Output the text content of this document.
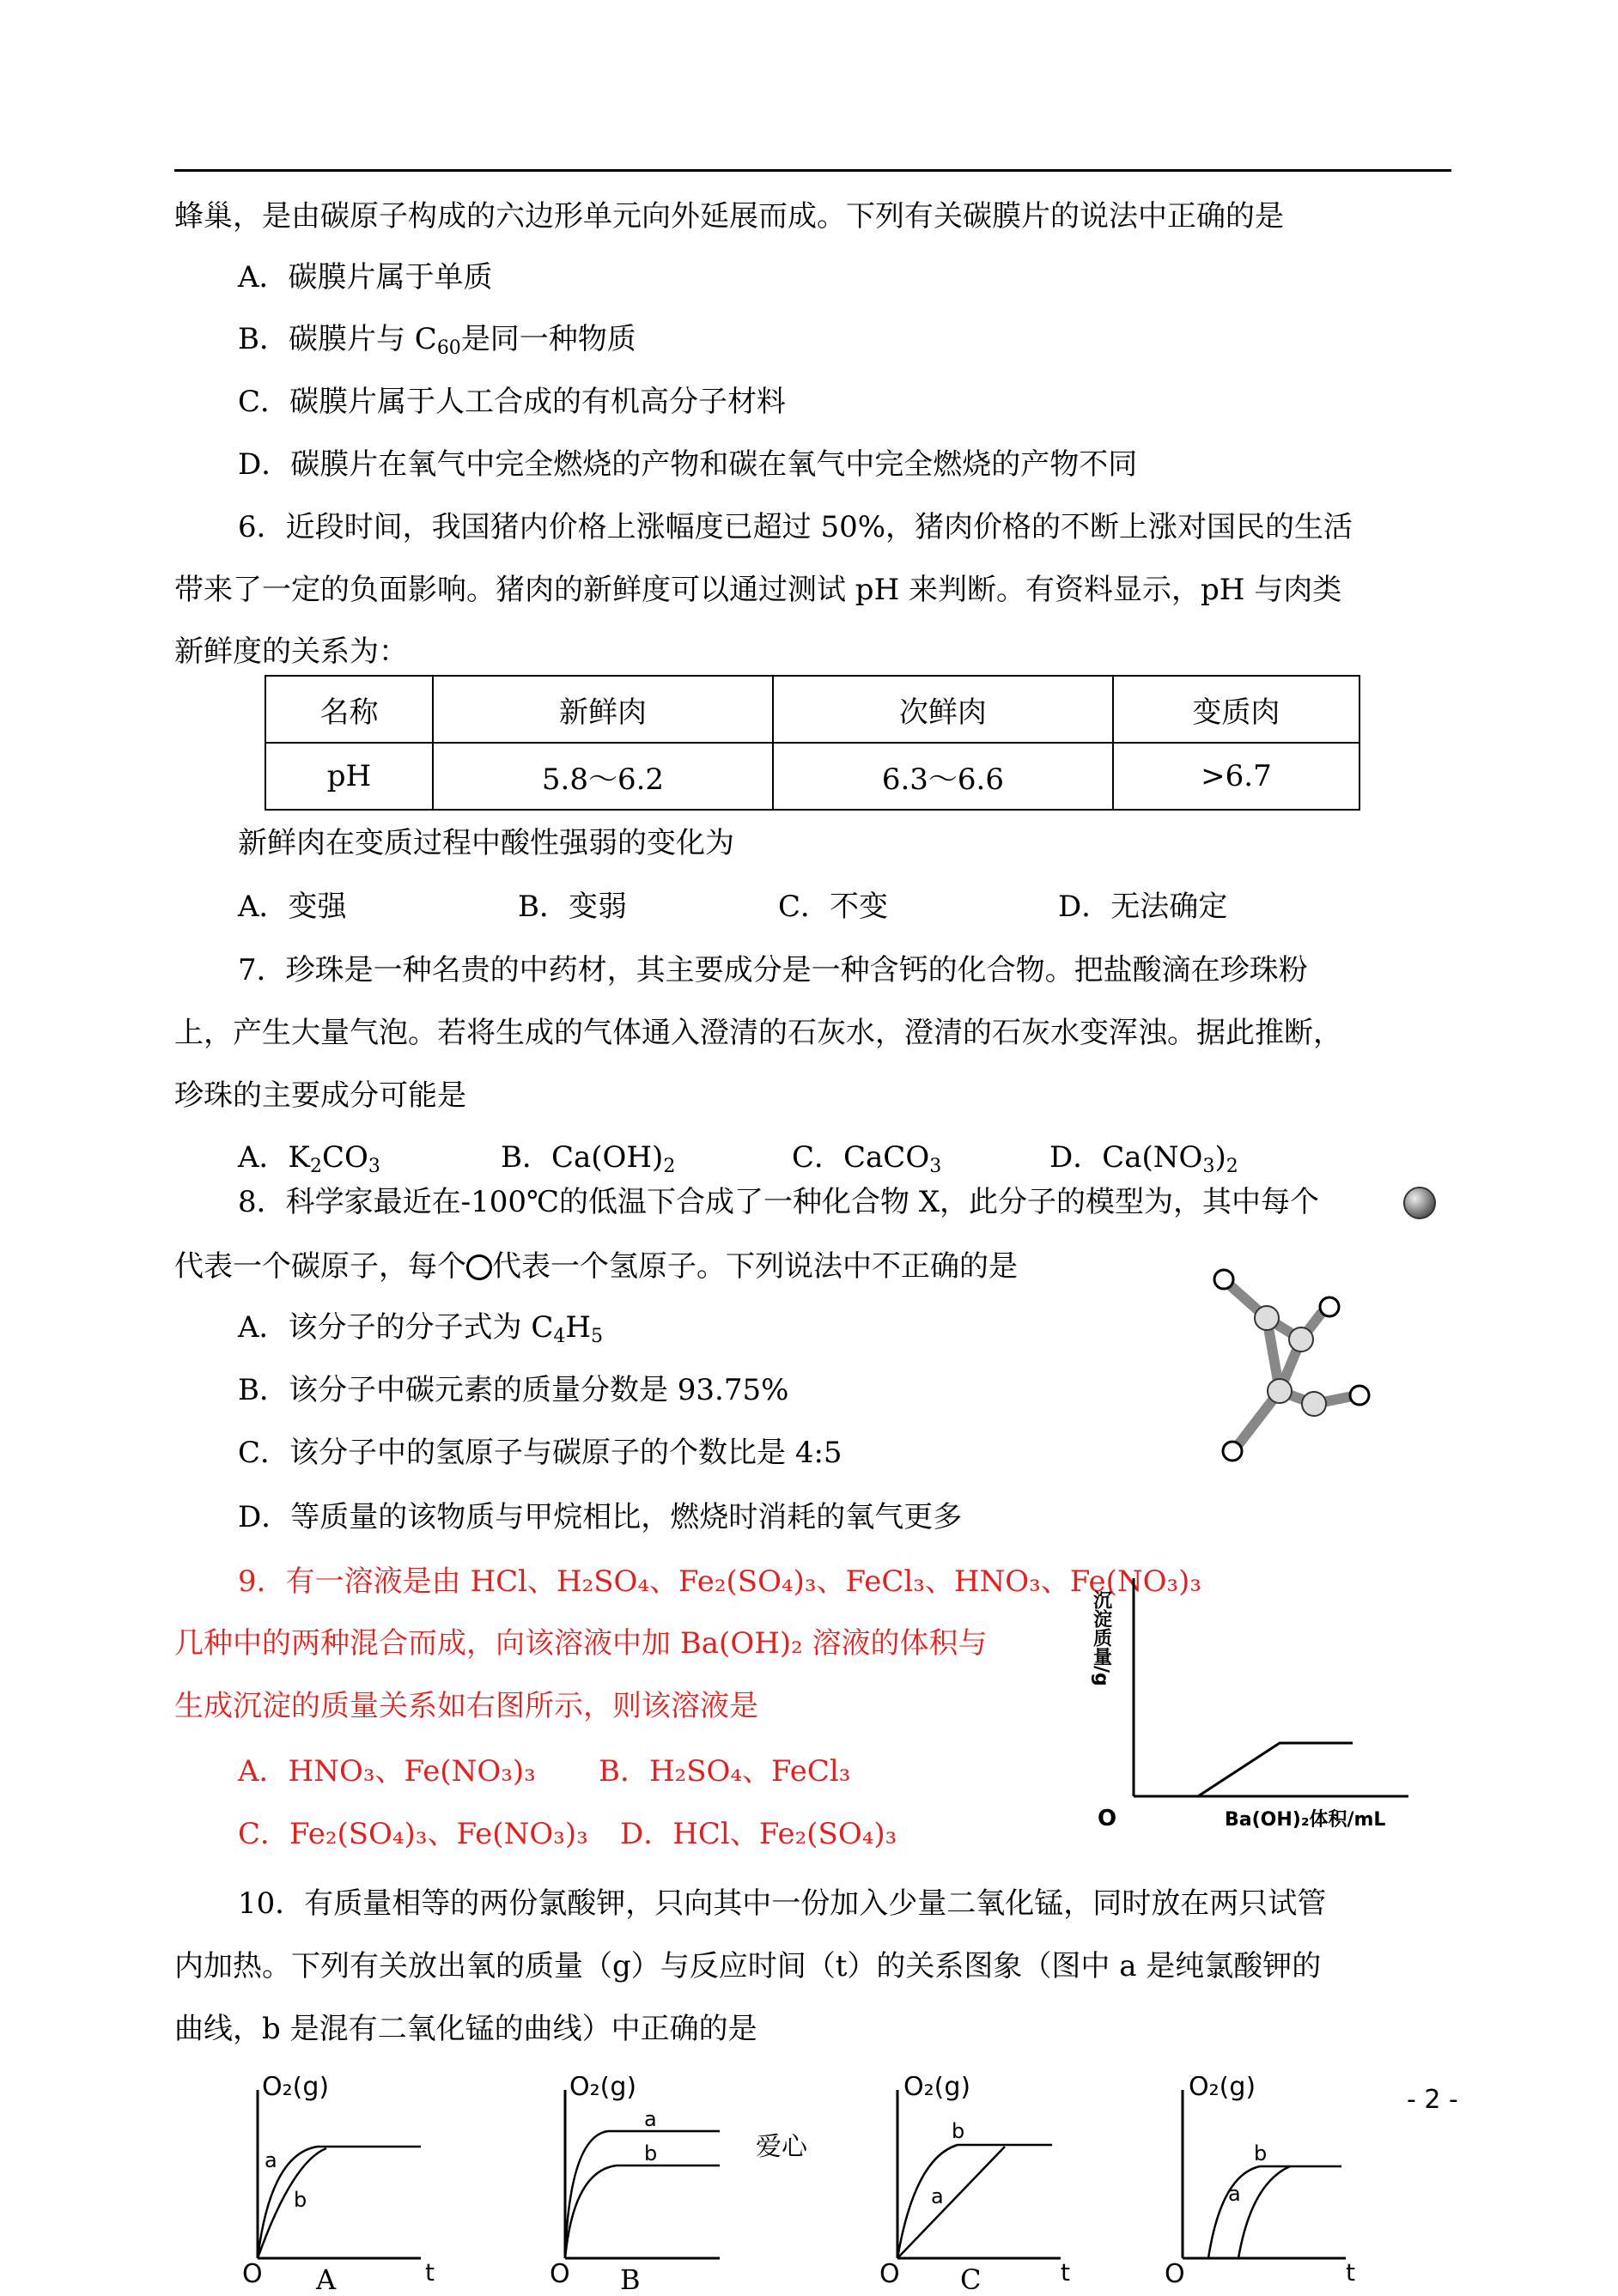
蜂巢，是由碳原子构成的六边形单元向外延展而成。下列有关碳膜片的说法中正确的是
A．碳膜片属于单质
B．碳膜片与 $C_{60}$是同一种物质
C．碳膜片属于人工合成的有机高分子材料
D．碳膜片在氧气中完全燃烧的产物和碳在氧气中完全燃烧的产物不同
6．近段时间，我国猪内价格上涨幅度已超过 50%，猪肉价格的不断上涨对国民的生活
带来了一定的负面影响。猪肉的新鲜度可以通过测试 pH 来判断。有资料显示，pH 与肉类
新鲜度的关系为：
名称	新鲜肉	次鲜肉	变质肉
pH	5.8～6.2	6.3～6.6	>6.7
新鲜肉在变质过程中酸性强弱的变化为
A．变强	B．变弱	C．不变	D．无法确定
7．珍珠是一种名贵的中药材，其主要成分是一种含钙的化合物。把盐酸滴在珍珠粉
上，产生大量气泡。若将生成的气体通入澄清的石灰水，澄清的石灰水变浑浊。据此推断，
珍珠的主要成分可能是
A．$K_2CO_3$	B．$Ca(OH)_2$	C．CaCO$_3$	D．$Ca(NO_3)_2$
8．科学家最近在-100℃的低温下合成了一种化合物 X，此分子的模型为，其中每个
代表一个碳原子，每个 代表一个氢原子。下列说法中不正确的是
A．该分子的分子式为 $C_4H_5$
B．该分子中碳元素的质量分数是 93.75%
C．该分子中的氢原子与碳原子的个数比是 4:5
D．等质量的该物质与甲烷相比，燃烧时消耗的氧气更多
9．有一溶液是由 HCl、H₂SO₄、Fe₂(SO₄)₃、FeCl₃、HNO₃、Fe(NO₃)₃
几种中的两种混合而成，向该溶液中加 Ba(OH)₂ 溶液的体积与
生成沉淀的质量关系如右图所示，则该溶液是
A．HNO₃、Fe(NO₃)₃ B．H₂SO₄、FeCl₃
C．Fe₂(SO₄)₃、Fe(NO₃)₃ D．HCl、Fe₂(SO₄)₃	O	Ba(OH)₂体积/mL
沉淀质量/g
10．有质量相等的两份氯酸钾，只向其中一份加入少量二氧化锰，同时放在两只试管
内加热。下列有关放出氧的质量（g）与反应时间（t）的关系图象（图中 a 是纯氯酸钾的
曲线，b 是混有二氧化锰的曲线）中正确的是
爱心
- 2 -
O₂(g)
a
b
O	t
A
O₂(g)
a
b
O B
O₂(g)
b
a
O	t
C
O₂(g)
b
a
O	t
